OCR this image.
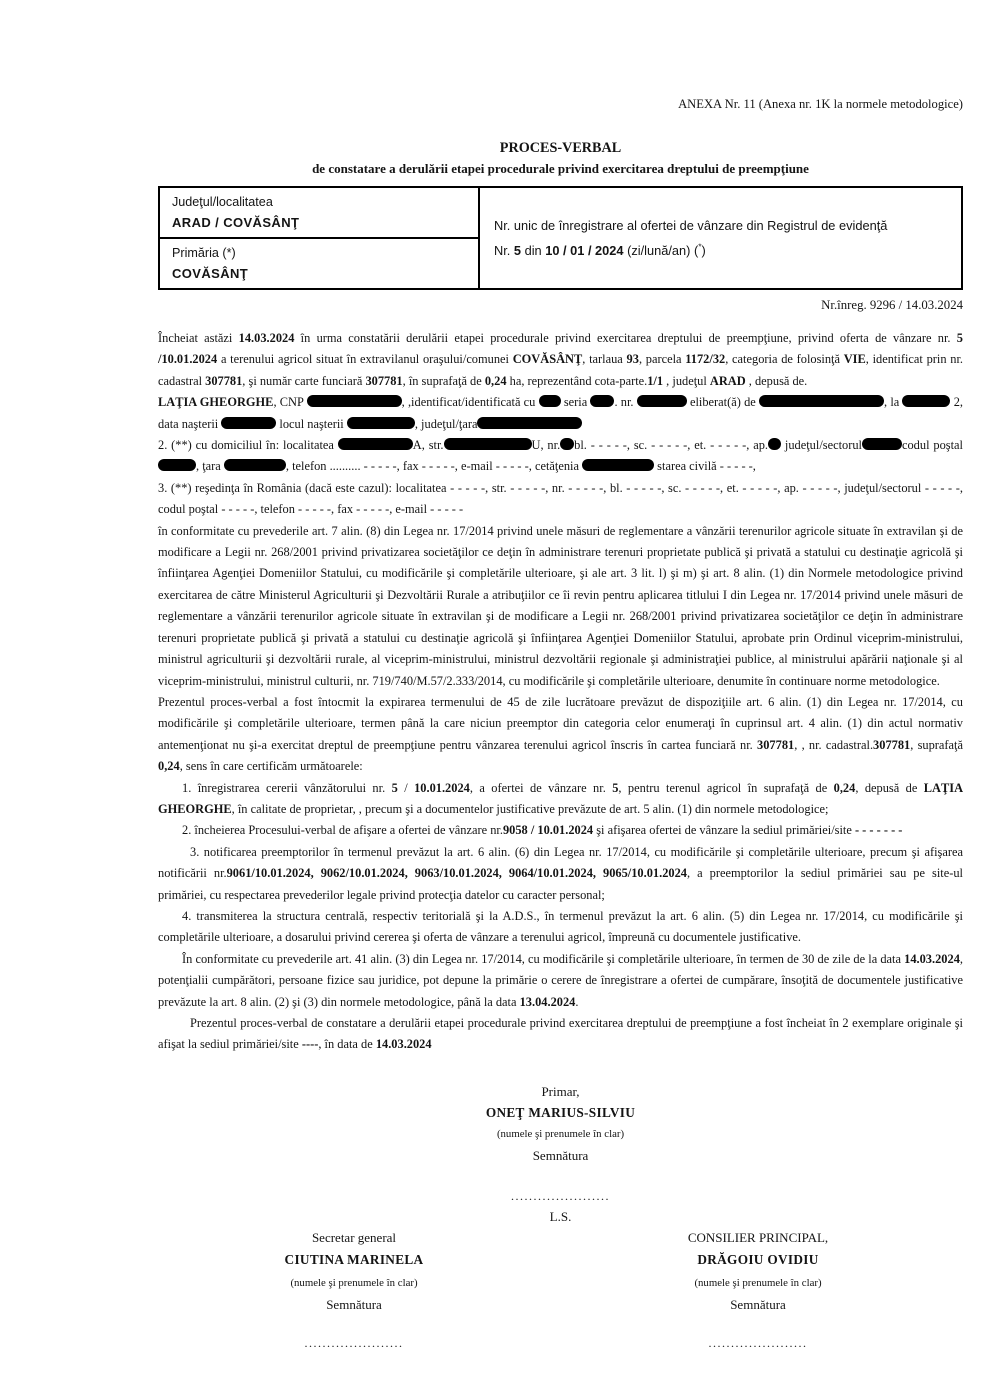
ANEXA Nr. 11 (Anexa nr. 1K la normele metodologice)
PROCES-VERBAL
de constatare a derulării etapei procedurale privind exercitarea dreptului de preempţiune
Judeţul/localitatea
ARAD / COVĂSÂNŢ	Nr. unic de înregistrare al ofertei de vânzare din Registrul de evidenţă
Nr. 5 din 10 / 01 / 2024 (zi/lună/an) (*)
Primăria (*)
COVĂSÂNŢ
Nr.înreg. 9296 / 14.03.2024
Încheiat astăzi 14.03.2024 în urma constatării derulării etapei procedurale privind exercitarea dreptului de preempţiune, privind oferta de vânzare nr. 5 /10.01.2024 a terenului agricol situat în extravilanul oraşului/comunei COVĂSÂNŢ, tarlaua 93, parcela 1172/32, categoria de folosinţă VIE, identificat prin nr. cadastral 307781, şi număr carte funciară 307781, în suprafaţă de 0,24 ha, reprezentând cota-parte.1/1 , judeţul ARAD , depusă de.
LAŢIA GHEORGHE, CNP	, ,identificat/identificată cu  seria . nr.	eliberat(ă) de	, la	2, data naşterii	locul naşterii	, judeţul/ţara
2. (**) cu domiciliul în: localitatea	A, str.	U, nr. bl. - - - - -, sc. - - - - -, et. - - - - -, ap. judeţul/sectorul	codul poştal , ţara	, telefon .......... - - - - -, fax - - - - -, e-mail - - - - -, cetăţenia	starea civilă - - - - -,
3. (**) reşedinţa în România (dacă este cazul): localitatea - - - - -, str. - - - - -, nr. - - - - -, bl. - - - - -, sc. - - - - -, et. - - - - -, ap. - - - - -, judeţul/sectorul - - - - -, codul poştal - - - - -, telefon - - - - -, fax - - - - -, e-mail - - - - -
în conformitate cu prevederile art. 7 alin. (8) din Legea nr. 17/2014 privind unele măsuri de reglementare a vânzării terenurilor agricole situate în extravilan şi de modificare a Legii nr. 268/2001 privind privatizarea societăţilor ce deţin în administrare terenuri proprietate publică şi privată a statului cu destinaţie agricolă şi înfiinţarea Agenţiei Domeniilor Statului, cu modificările şi completările ulterioare, şi ale art. 3 lit. l) şi m) şi art. 8 alin. (1) din Normele metodologice privind exercitarea de către Ministerul Agriculturii şi Dezvoltării Rurale a atribuţiilor ce îi revin pentru aplicarea titlului I din Legea nr. 17/2014 privind unele măsuri de reglementare a vânzării terenurilor agricole situate în extravilan şi de modificare a Legii nr. 268/2001 privind privatizarea societăţilor ce deţin în administrare terenuri proprietate publică şi privată a statului cu destinaţie agricolă şi înfiinţarea Agenţiei Domeniilor Statului, aprobate prin Ordinul viceprim-ministrului, ministrul agriculturii şi dezvoltării rurale, al viceprim-ministrului, ministrul dezvoltării regionale şi administraţiei publice, al ministrului apărării naţionale şi al viceprim-ministrului, ministrul culturii, nr. 719/740/M.57/2.333/2014, cu modificările şi completările ulterioare, denumite în continuare norme metodologice.
Prezentul proces-verbal a fost întocmit la expirarea termenului de 45 de zile lucrătoare prevăzut de dispoziţiile art. 6 alin. (1) din Legea nr. 17/2014, cu modificările şi completările ulterioare, termen până la care niciun preemptor din categoria celor enumeraţi în cuprinsul art. 4 alin. (1) din actul normativ antemenţionat nu şi-a exercitat dreptul de preempţiune pentru vânzarea terenului agricol înscris în cartea funciară nr. 307781, , nr. cadastral.307781, suprafaţă 0,24, sens în care certificăm următoarele:
1. înregistrarea cererii vânzătorului nr. 5 / 10.01.2024, a ofertei de vânzare nr. 5, pentru terenul agricol în suprafaţă de 0,24, depusă de LAŢIA GHEORGHE, în calitate de proprietar, , precum şi a documentelor justificative prevăzute de art. 5 alin. (1) din normele metodologice;
2. încheierea Procesului-verbal de afişare a ofertei de vânzare nr.9058 / 10.01.2024 şi afişarea ofertei de vânzare la sediul primăriei/site - - - - - - -
3. notificarea preemptorilor în termenul prevăzut la art. 6 alin. (6) din Legea nr. 17/2014, cu modificările şi completările ulterioare, precum şi afişarea notificării nr.9061/10.01.2024, 9062/10.01.2024, 9063/10.01.2024, 9064/10.01.2024, 9065/10.01.2024, a preemptorilor la sediul primăriei sau pe site-ul primăriei, cu respectarea prevederilor legale privind protecţia datelor cu caracter personal;
4. transmiterea la structura centrală, respectiv teritorială şi la A.D.S., în termenul prevăzut la art. 6 alin. (5) din Legea nr. 17/2014, cu modificările şi completările ulterioare, a dosarului privind cererea şi oferta de vânzare a terenului agricol, împreună cu documentele justificative.
În conformitate cu prevederile art. 41 alin. (3) din Legea nr. 17/2014, cu modificările şi completările ulterioare, în termen de 30 de zile de la data 14.03.2024, potenţialii cumpărători, persoane fizice sau juridice, pot depune la primărie o cerere de înregistrare a ofertei de cumpărare, însoţită de documentele justificative prevăzute la art. 8 alin. (2) şi (3) din normele metodologice, până la data 13.04.2024.
Prezentul proces-verbal de constatare a derulării etapei procedurale privind exercitarea dreptului de preempţiune a fost încheiat în 2 exemplare originale şi afişat la sediul primăriei/site ----, în data de 14.03.2024
Primar,
ONEŢ MARIUS-SILVIU
(numele şi prenumele în clar)
Semnătura
......................
L.S.
Secretar general
CIUTINA MARINELA
(numele şi prenumele în clar)
Semnătura
......................
CONSILIER PRINCIPAL,
DRĂGOIU OVIDIU
(numele şi prenumele în clar)
Semnătura
......................
